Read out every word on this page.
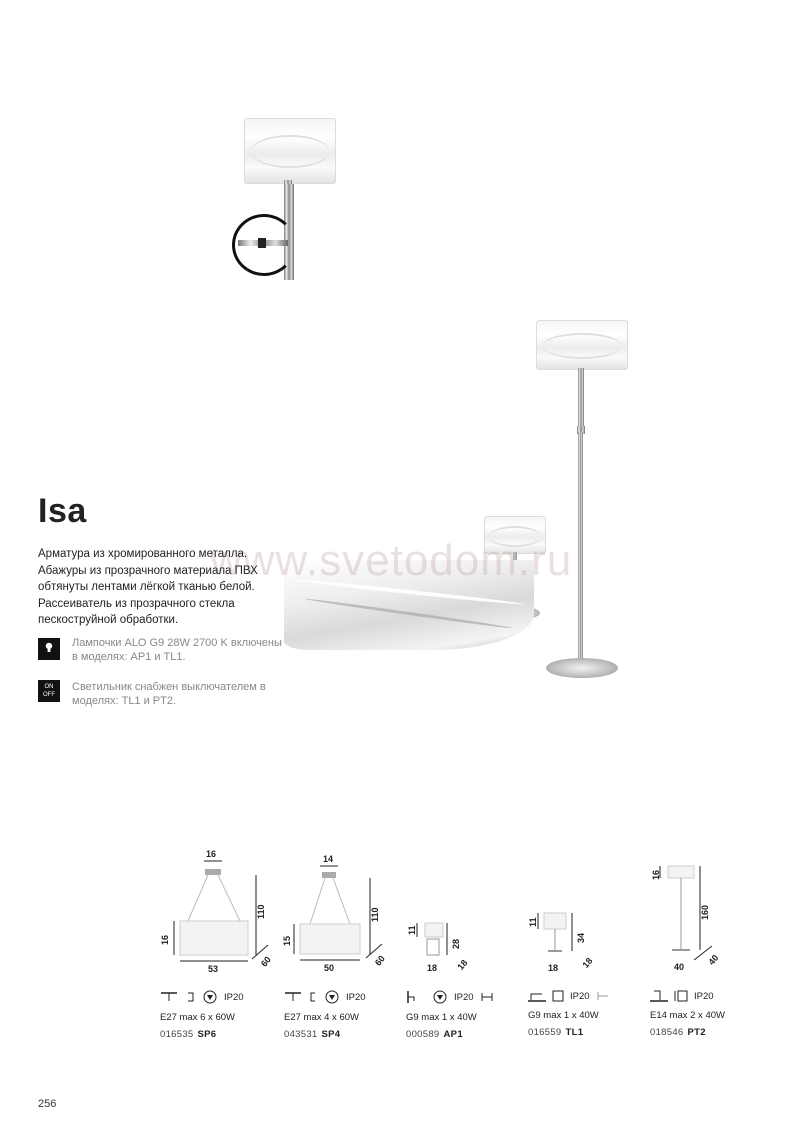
www.svetodom.ru
Isa
Арматура из хромированного металла. Абажуры из прозрачного материала ПВХ обтянуты лентами лёгкой тканью белой. Рассеиватель из прозрачного стекла пескоструйной обработки.
Лампочки ALO G9 28W 2700 K включены в моделях: AP1 и TL1.
ON OFF
Светильник снабжен выключателем в моделях: TL1 и PT2.
16
110
16
53
60
14
110
15
50
60
11
28
18 18
11
34
18 18
16
160
40
40
IP20
E27 max 6 x 60W
016535 SP6
IP20
E27 max 4 x 60W
043531 SP4
IP20
G9 max 1 x 40W
000589 AP1
IP20
G9 max 1 x 40W
016559 TL1
IP20
E14 max 2 x 40W
018546 PT2
256
